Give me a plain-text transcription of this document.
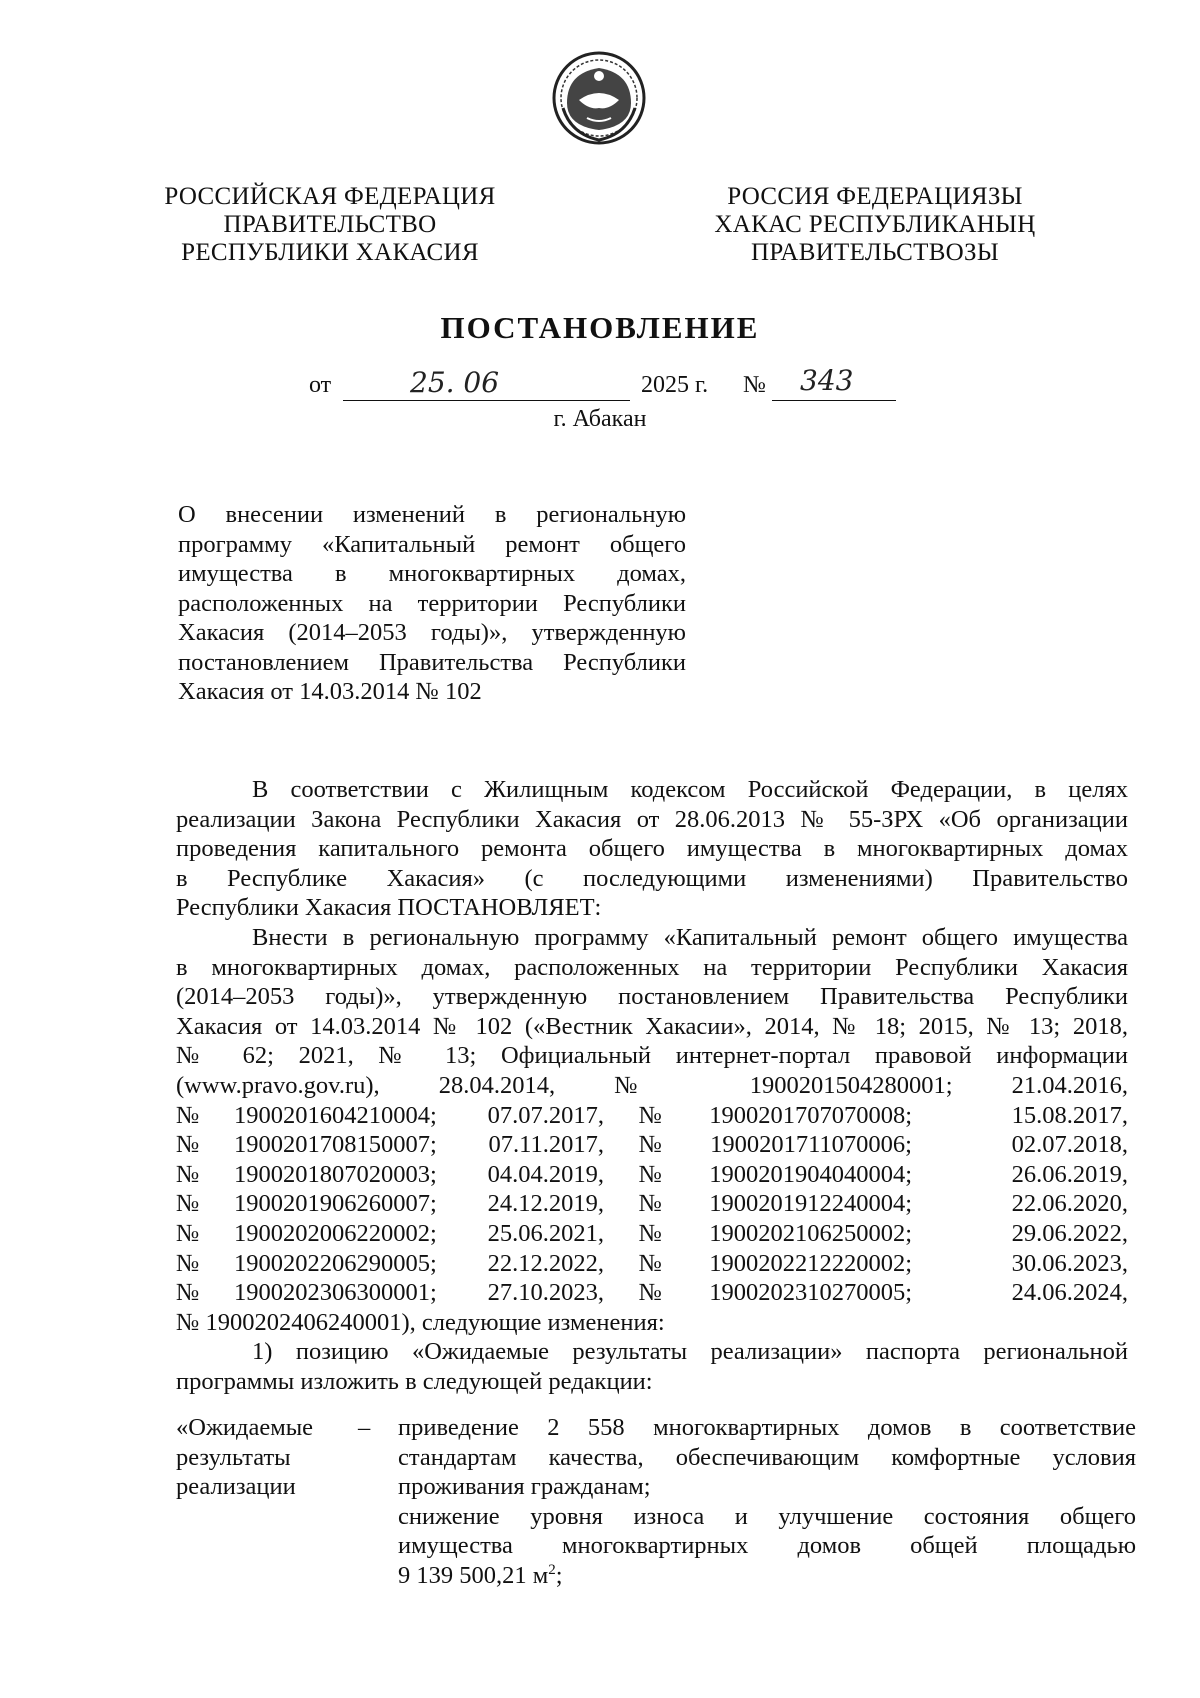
РОССИЙСКАЯ ФЕДЕРАЦИЯ
ПРАВИТЕЛЬСТВО
РЕСПУБЛИКИ ХАКАСИЯ
РОССИЯ ФЕДЕРАЦИЯЗЫ
ХАКАС РЕСПУБЛИКАНЫҢ
ПРАВИТЕЛЬСТВОЗЫ
ПОСТАНОВЛЕНИЕ
от	25. 06	2025 г. № 343
г. Абакан
О внесении изменений в региональную
программу «Капитальный ремонт общего
имущества в многоквартирных домах,
расположенных на территории Республики
Хакасия (2014–2053 годы)», утвержденную
постановлением Правительства Республики
Хакасия от 14.03.2014 № 102
В соответствии с Жилищным кодексом Российской Федерации, в целях
реализации Закона Республики Хакасия от 28.06.2013 № 55-ЗРХ «Об организации
проведения капитального ремонта общего имущества в многоквартирных домах
в Республике Хакасия» (с последующими изменениями) Правительство
Республики Хакасия ПОСТАНОВЛЯЕТ:
Внести в региональную программу «Капитальный ремонт общего имущества
в многоквартирных домах, расположенных на территории Республики Хакасия
(2014–2053 годы)», утвержденную постановлением Правительства Республики
Хакасия от 14.03.2014 № 102 («Вестник Хакасии», 2014, № 18; 2015, № 13; 2018,
№ 62; 2021, № 13; Официальный интернет-портал правовой информации
(www.pravo.gov.ru), 28.04.2014, № 1900201504280001; 21.04.2016,
№	1900201604210004;	07.07.2017,	№	1900201707070008;	15.08.2017,
№	1900201708150007;	07.11.2017,	№	1900201711070006;	02.07.2018,
№	1900201807020003;	04.04.2019,	№	1900201904040004;	26.06.2019,
№	1900201906260007;	24.12.2019,	№	1900201912240004;	22.06.2020,
№	1900202006220002;	25.06.2021,	№	1900202106250002;	29.06.2022,
№	1900202206290005;	22.12.2022,	№	1900202212220002;	30.06.2023,
№	1900202306300001;	27.10.2023,	№	1900202310270005;	24.06.2024,
№ 1900202406240001), следующие изменения:
1) позицию «Ожидаемые результаты реализации» паспорта региональной
программы изложить в следующей редакции:
«Ожидаемые
результаты
реализации
– приведение 2 558 многоквартирных домов в соответствие
стандартам качества, обеспечивающим комфортные условия
проживания гражданам;
снижение уровня износа и улучшение состояния общего
имущества многоквартирных домов общей площадью
9 139 500,21 $м^2$;
